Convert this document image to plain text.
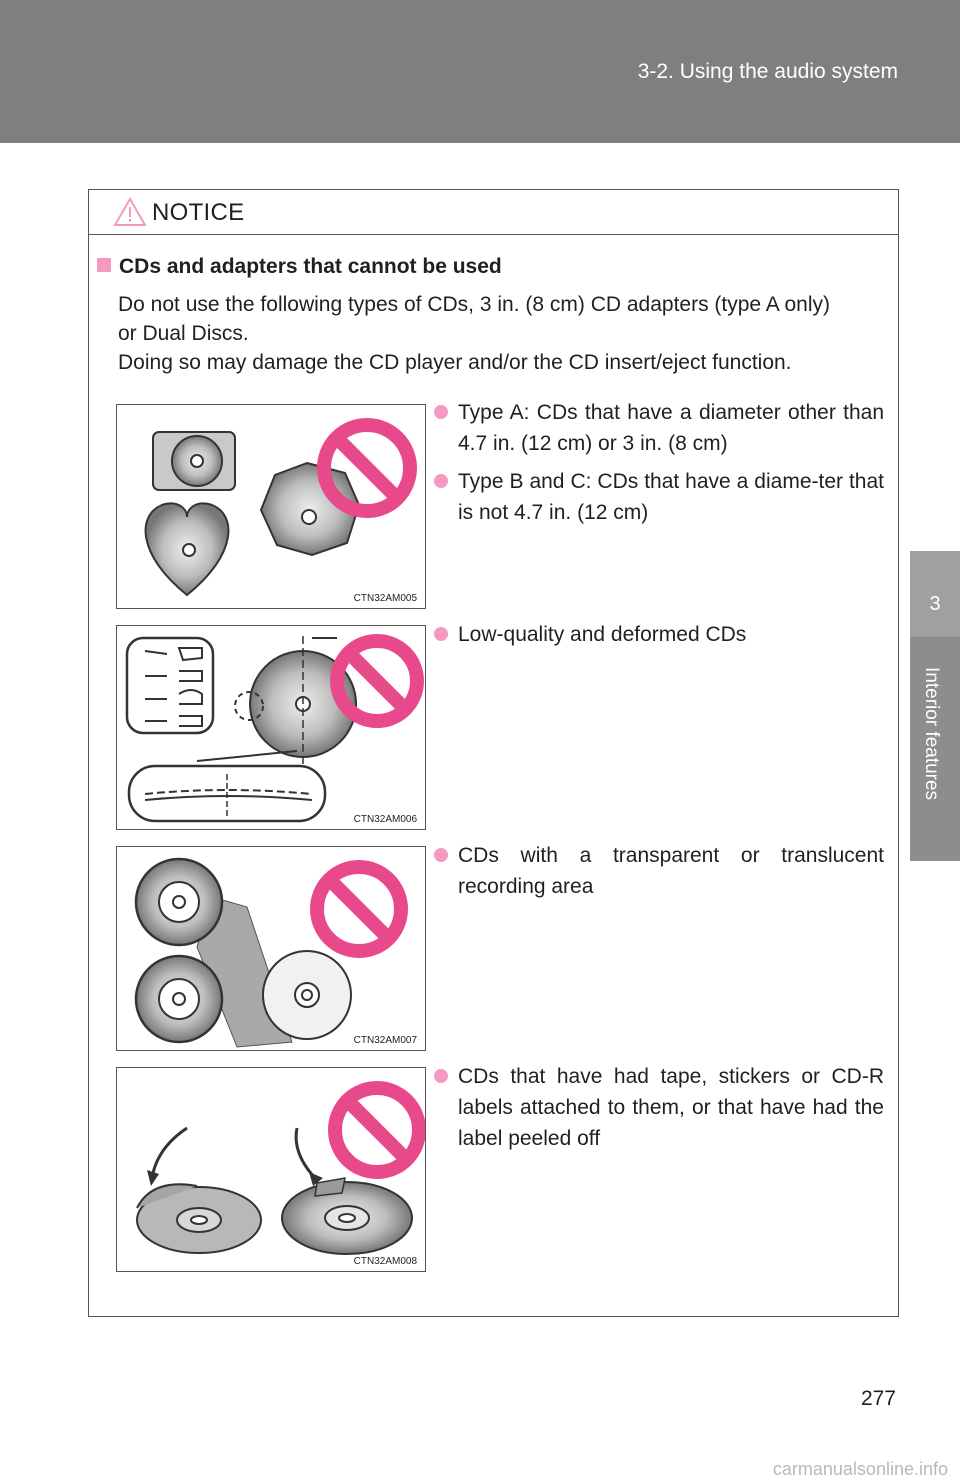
3-2. Using the audio system
3
Interior features
NOTICE
CDs and adapters that cannot be used
Do not use the following types of CDs, 3 in. (8 cm) CD adapters (type A only)
or Dual Discs.
Doing so may damage the CD player and/or the CD insert/eject function.
CTN32AM005
Type A: CDs that have a diameter other than 4.7 in. (12 cm) or 3 in. (8 cm)
Type B and C: CDs that have a diame-ter that is not 4.7 in. (12 cm)
CTN32AM006
Low-quality and deformed CDs
CTN32AM007
CDs with a transparent or translucent recording area
CTN32AM008
CDs that have had tape, stickers or CD-R labels attached to them, or that have had the label peeled off
277
carmanualsonline.info
